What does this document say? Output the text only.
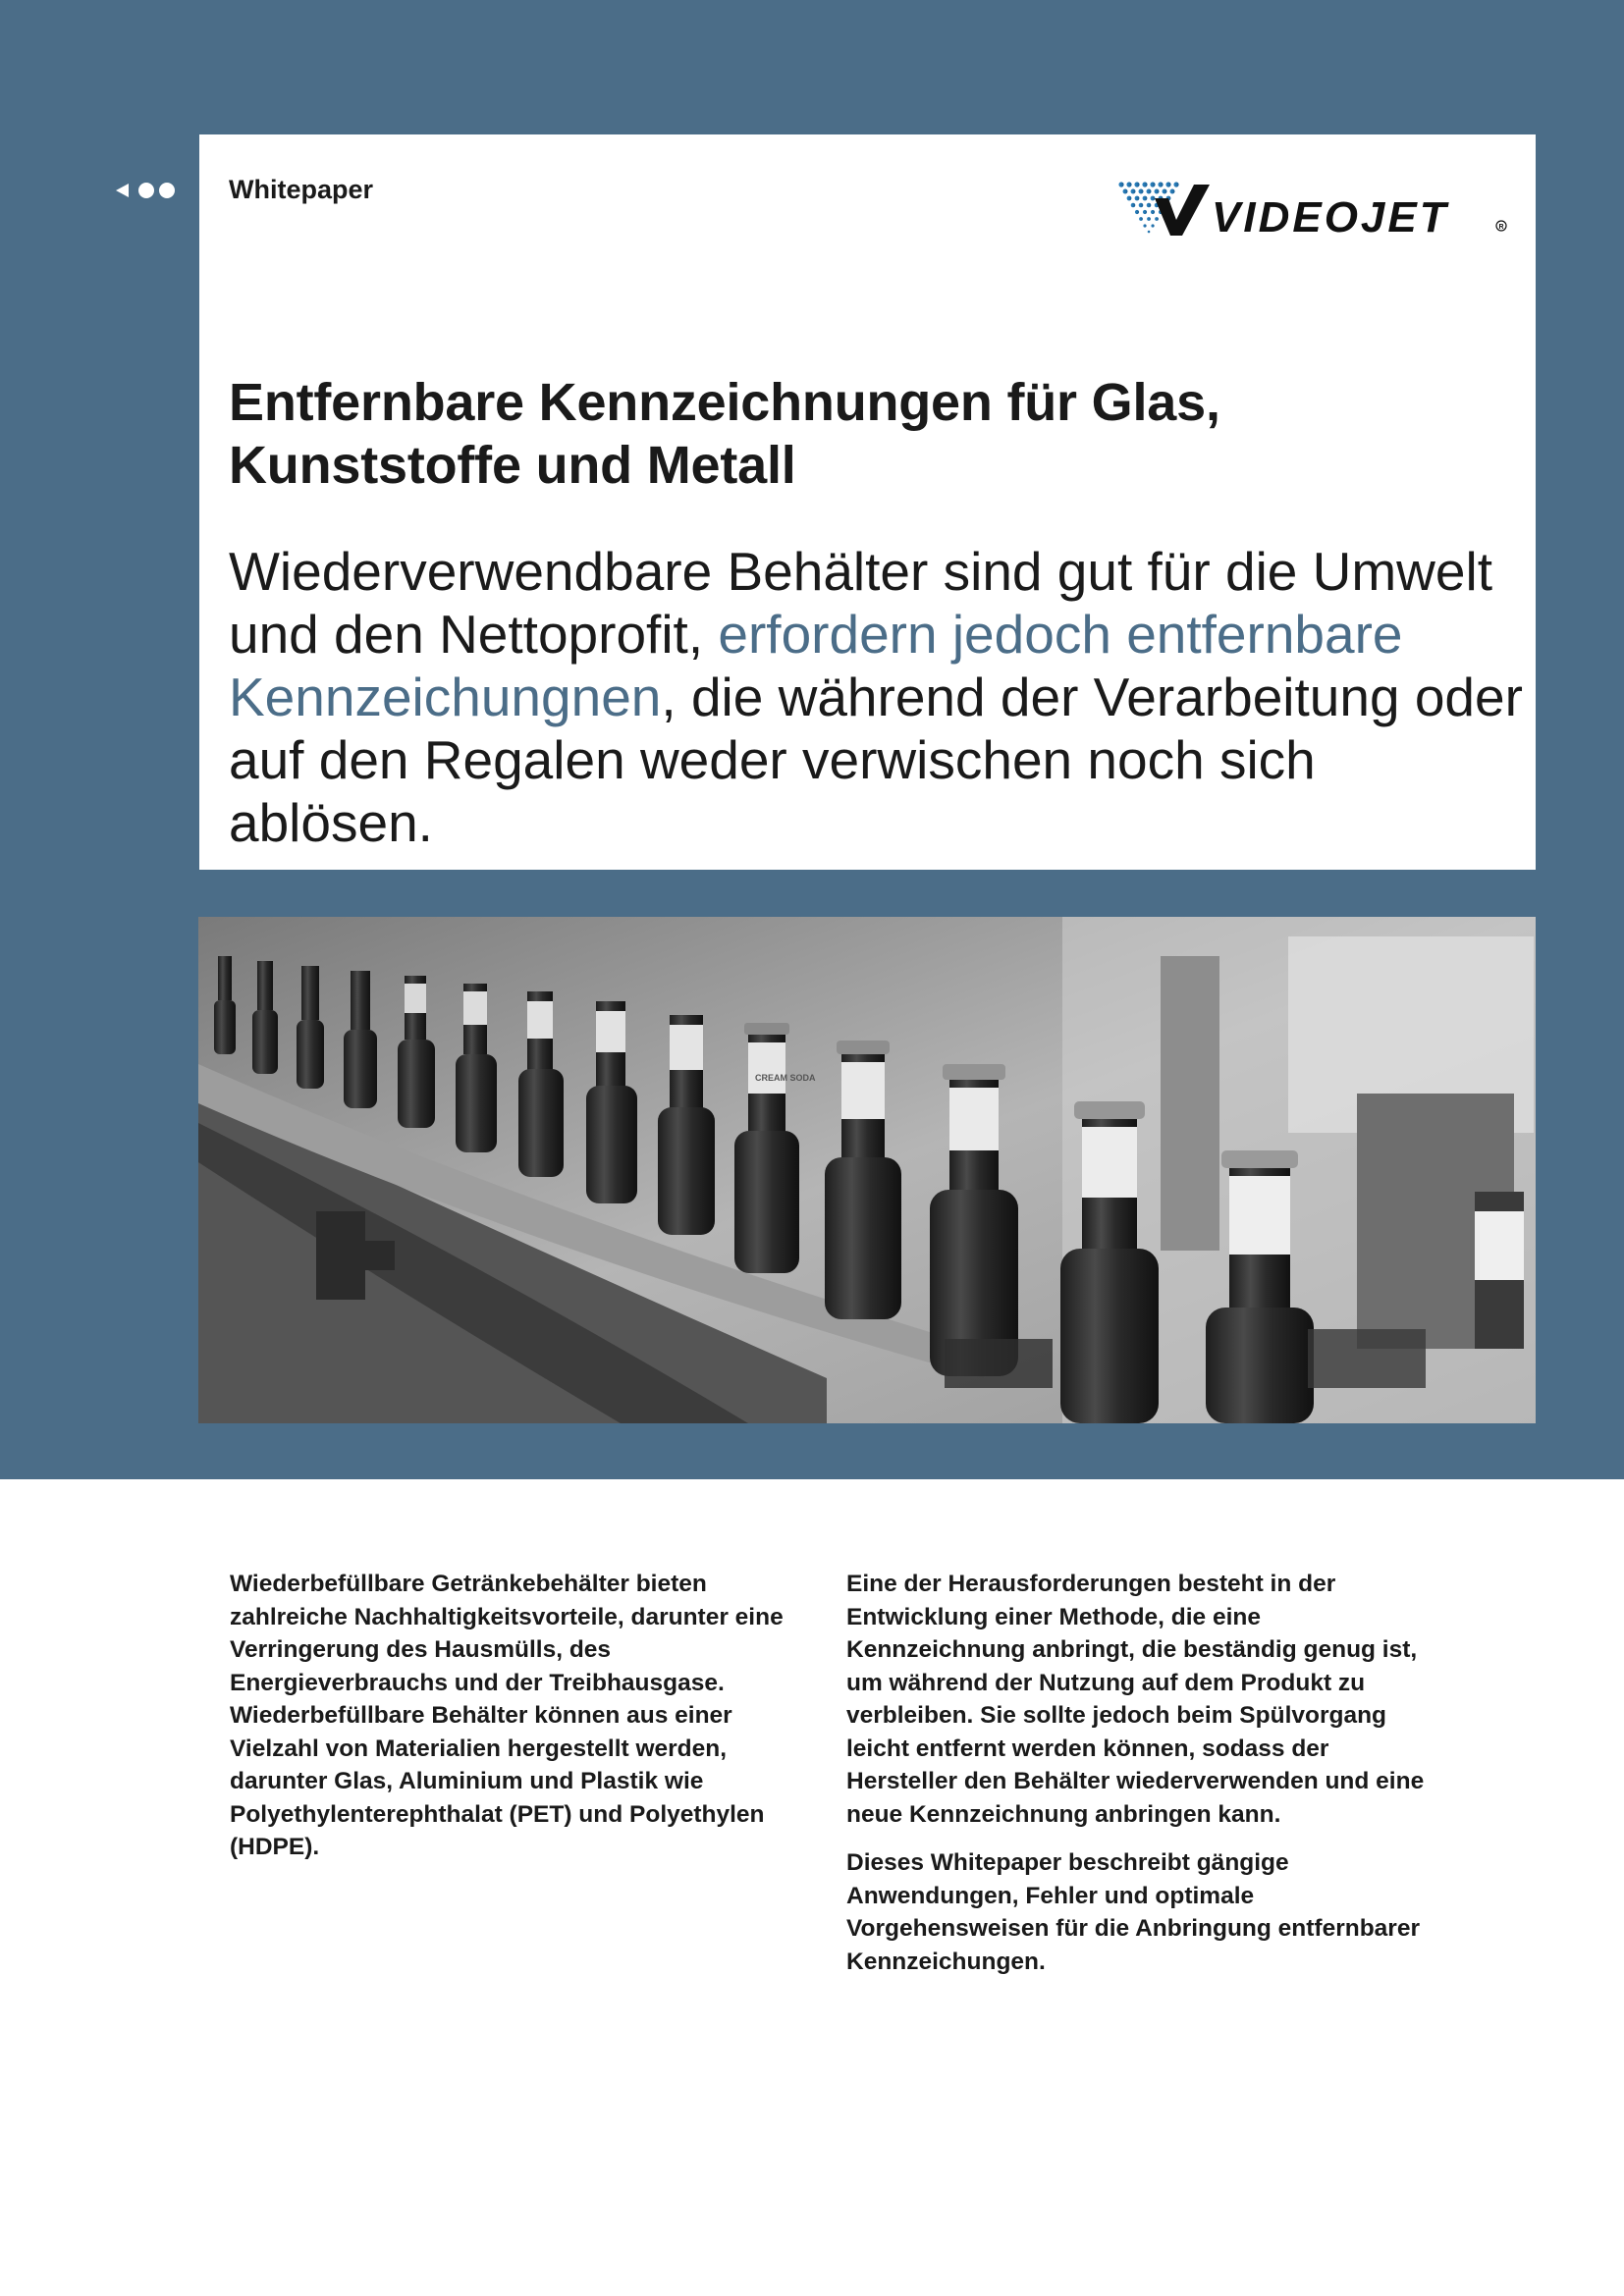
Whitepaper
VIDEOJET	R
Entfernbare Kennzeichnungen für Glas, Kunststoffe und Metall

Wiederverwendbare Behälter sind gut für die Umwelt und den Nettoprofit, erfordern jedoch entfernbare Kennzeichungnen, die während der Verarbeitung oder auf den Regalen weder verwischen noch sich ablösen.

CREAM SODA

Wiederbefüllbare Getränkebehälter bieten zahlreiche Nachhaltigkeitsvorteile, darunter eine Verringerung des Hausmülls, des Energieverbrauchs und der Treibhausgase. Wiederbefüllbare Behälter können aus einer Vielzahl von Materialien hergestellt werden, darunter Glas, Aluminium und Plastik wie Polyethylenterephthalat (PET) und Polyethylen (HDPE).

Eine der Herausforderungen besteht in der Entwicklung einer Methode, die eine Kennzeichnung anbringt, die beständig genug ist, um während der Nutzung auf dem Produkt zu verbleiben. Sie sollte jedoch beim Spülvorgang leicht entfernt werden können, sodass der Hersteller den Behälter wiederverwenden und eine neue Kennzeichnung anbringen kann.

Dieses Whitepaper beschreibt gängige Anwendungen, Fehler und optimale Vorgehensweisen für die Anbringung entfernbarer Kennzeichungen.
